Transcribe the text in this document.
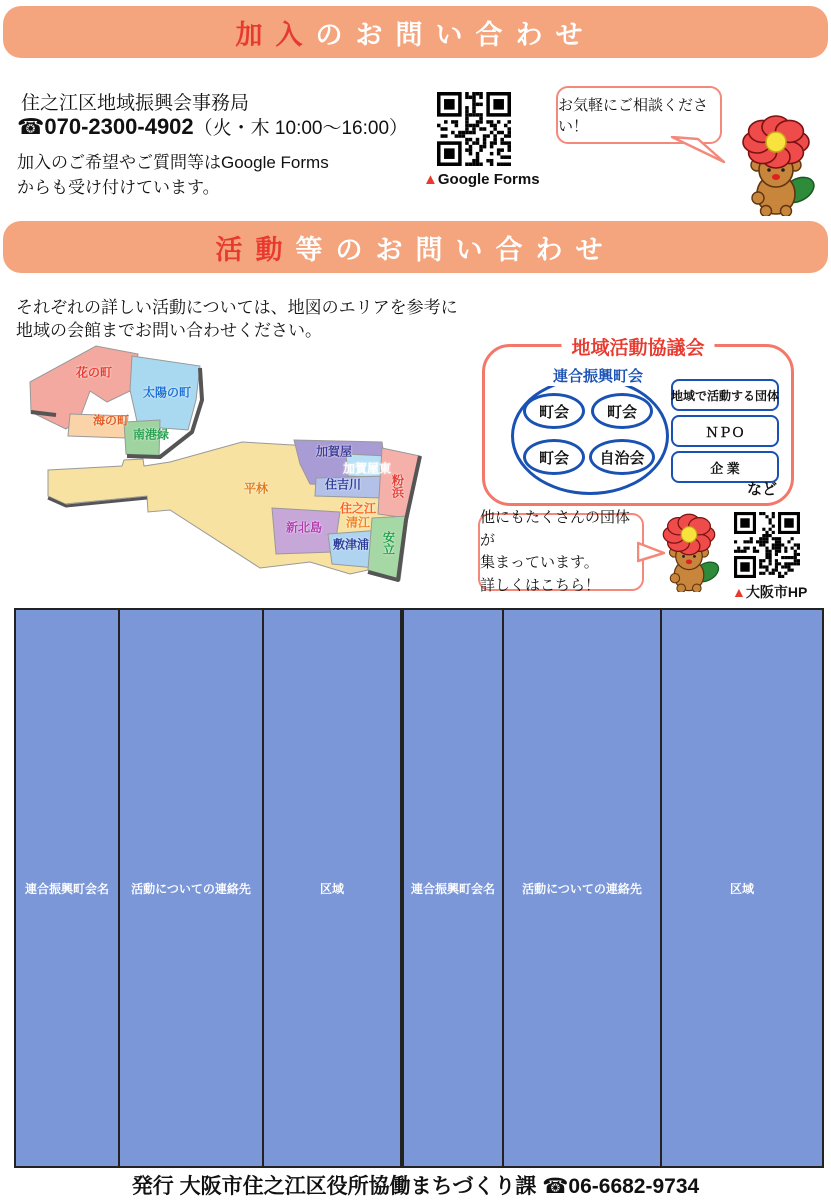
加入 のお問い合わせ
住之江区地域振興会事務局
☎070-2300-4902（火・木 10:00～16:00）
加入のご希望やご質問等はGoogle Forms
からも受け付けています。	▲Google Forms
お気軽にご相談ください！
活動 等のお問い合わせ
それぞれの詳しい活動については、地図のエリアを参考に
地域の会館までお問い合わせください。
花の町
太陽の町
海の町
南港緑
加賀屋
加賀屋東
住吉川 粉浜
平林
住之江
清江
新北島
敷津浦 安立
地域活動協議会
連合振興町会
町会	町会
町会	自治会
地域で活動する団体
ＮＰＯ
企 業
など
他にもたくさんの団体が
集まっています。
詳しくはこちら！	▲大阪市HP
連合振興町会名	活動についての連絡先	区域	連合振興町会名	活動についての連絡先	区域
発行 大阪市住之江区役所協働まちづくり課 ☎06-6682-9734
